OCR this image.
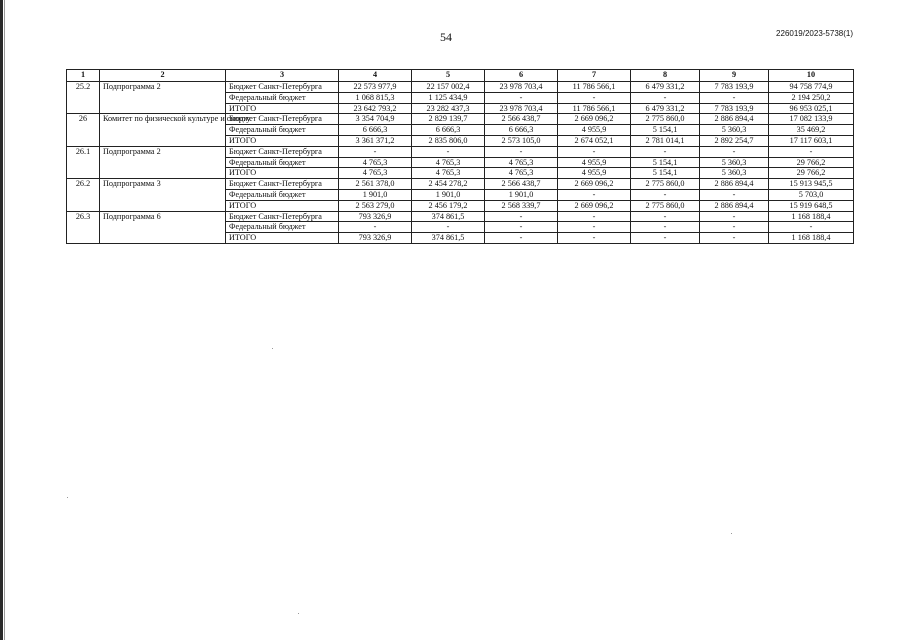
54	226019/2023-5738(1)
1	2	3	4	5	6	7	8	9	10
25.2	Подпрограмма 2	Бюджет Санкт-Петербурга	22 573 977,9	22 157 002,4	23 978 703,4	11 786 566,1	6 479 331,2	7 783 193,9	94 758 774,9
		Федеральный бюджет	1 068 815,3	1 125 434,9	-	-	-	-	2 194 250,2
		ИТОГО	23 642 793,2	23 282 437,3	23 978 703,4	11 786 566,1	6 479 331,2	7 783 193,9	96 953 025,1
26	Комитет по физической культуре и спорту	Бюджет Санкт-Петербурга	3 354 704,9	2 829 139,7	2 566 438,7	2 669 096,2	2 775 860,0	2 886 894,4	17 082 133,9
		Федеральный бюджет	6 666,3	6 666,3	6 666,3	4 955,9	5 154,1	5 360,3	35 469,2
		ИТОГО	3 361 371,2	2 835 806,0	2 573 105,0	2 674 052,1	2 781 014,1	2 892 254,7	17 117 603,1
26.1	Подпрограмма 2	Бюджет Санкт-Петербурга	-	-	-	-	-	-	-
		Федеральный бюджет	4 765,3	4 765,3	4 765,3	4 955,9	5 154,1	5 360,3	29 766,2
		ИТОГО	4 765,3	4 765,3	4 765,3	4 955,9	5 154,1	5 360,3	29 766,2
26.2	Подпрограмма 3	Бюджет Санкт-Петербурга	2 561 378,0	2 454 278,2	2 566 438,7	2 669 096,2	2 775 860,0	2 886 894,4	15 913 945,5
		Федеральный бюджет	1 901,0	1 901,0	1 901,0	-	-	-	5 703,0
		ИТОГО	2 563 279,0	2 456 179,2	2 568 339,7	2 669 096,2	2 775 860,0	2 886 894,4	15 919 648,5
26.3	Подпрограмма 6	Бюджет Санкт-Петербурга	793 326,9	374 861,5	-	-	-	-	1 168 188,4
		Федеральный бюджет	-	-	-	-	-	-	-
		ИТОГО	793 326,9	374 861,5	-	-	-	-	1 168 188,4
